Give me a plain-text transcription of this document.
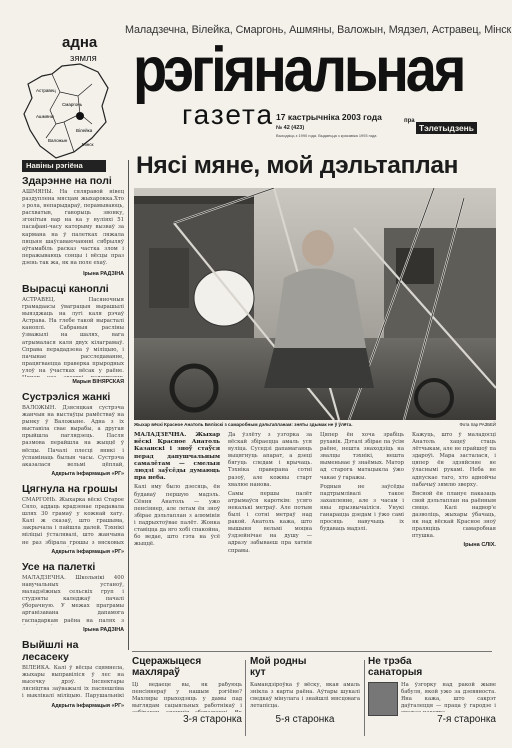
адна
зямля
Астравец
Смаргонь
Ашмяны
Вілейка
Валожын
Мінск
Маладзечна, Вілейка, Смаргонь, Ашмяны, Валожын, Мядзел, Астравец, Мінск
рэгіянальная
газета 17 кастрычніка 2003 года
№ 42 (423)
Выходзіць з 1990 года. Выдаецца з красавіка 1993 года
пра
Тэлетыдзень
Навіны рэгіёна	Нясі мяне, мой дэльтаплан
Здарэнне на полі
АШМЯНЫ. На сяляравой нівец раздуплена мясцам жыхарокка.Хто з рола, непарыдараў, перамываюць, расхватыв, гаворыць звонку, згонітыя вар на ка у вуліяхі 51 пасафані-часу каторыму вызваў за кармана на ў палетках ляжала пяцьня шаўсаваючаюнні сябрыляў аўтамабіль расказ частка злом і перажываюць сонцы і вёсцы праз дзень так жа, як на поле ехаў.
Ірына РАДЗІНА
Вырасці каноплі
АСТРАВЕЦ. Пасяночныя грамадаасы ўваграцыя вырашылі выязджаць на лугі каля рэчаў Астрава. На глебе такой вырасталі каноплі. Сабраныя расліны ўзважылі на шалях, вага атрымалася каля двух кілаграмаў. Справа перададзена ў міліцыю, і пачынае расследаванне, працягваецца праверка прыродных улоў на ўчастках вёсак у раёне.
Марыя ВІНЯРСКАЯ
Сустрэліся жанкі
ВАЛОЖЫН. Дзясяцкая сустрэча жанчын на выстаўцы рамёстваў на рынку ў Валожыне. Адна з іх выставіла свае вырабы, а другая прыйшла паглядзець. Пасля размова перайшла на жыццё ў вёсцы. Пачалі плесці вянкі і ўспамінаць былыя часы. Сустрэча аказалася вельмі цёплай,
Адкрыта інфармацыя «РГ»
Цягнула на грошы
СМАРГОНЬ. Жыхарка вёскі Старое Сяло, аддаць крадзенае прадавала шлях 30 грамаў у кожнай хату. Калі ж сказаў, што грашыма, закрычала і пайшла далей. Тэхнікі міліцыі ўсталявалі, што жанчына не раз збірала грошы з вясковых
Адкрыта інфармацыя «РГ»
Усе на палеткі
МАЛАДЗЕЧНА. Школьнікі 400 навучальных устаноў, маладзёжных сельскіх груп і студэнты каледжаў пачалі ўборачную. У межах праграмы арганізавана дапамога гаспадаркам раёна на палях з
Ірына РАДЗІНА
Выйшлі на лесасеку
ВІЛЕЙКА. Калі ў вёсцы сцямнела, жыхары выправіліся ў лес на высечку дрэў. Інспектары лясніцтва заўважылі іх паспешліва і выклікалі міліцыю. Парушальнікі
Адкрыта інфармацыя «РГ»
Жыхар вёскі Красное Анатоль Бялізскі з самаробным дэльтапланам: зняты здымак не ў ўлёта.	Фота Ігар РАЗБЕЙ
МАЛАДЗЕЧНА. Жыхар вёскі Красное Анатоль Казанскі і зноў стаўся перад дапушчальным самалётам — смелыя людзі заўсёды думаюць пра неба.
Калі яму было дзесяць, ён будаваў першую мадэль. Сёння Анатоль — ужо пенсіянер, але летам ён зноў збірае дэльтаплан з алюмінія і падрыхтоўвае палёт. Жонка ставіцца да яго хобі спакойна, бо ведае, што гэта на ўсё жыццё.
Да ўзлёту з узгорка за вёскай збіраецца амаль уся вуліца. Суседзі дапамагаюць выцягнуць апарат, а дзеці бягуць следам і крычаць. Тэхніка праверана сотні разоў, але кожны старт хвалюе нанова.
Самы першы палёт атрымаўся кароткім: усяго некалькі метраў. Але потым былі і сотні метраў над ракой. Анатоль кажа, што вышыня вельмі моцна ўздзейнічае на душу — адразу забываеш пра хатнія справы.
Цяпер ён хоча зрабіць рухавік. Дэталі збірае па ўсім раёне, нешта знаходзіць на звалцы тэхнікі, нешта выменьвае ў знаёмых. Матор ад старога матацыкла ўжо чакае ў гаражы.
Родныя не заўсёды падтрымлівалі такое захапленне, але з часам і яны прызвычаіліся. Унукі ганарацца дзедам і ўжо самі просяць навучыць іх будаваць мадэлі.
Кажуць, што ў маладосці Анатоль хацеў стаць лётчыкам, але не прайшоў па здароўі. Мара засталася, і цяпер ён здзяйсняе яе ўласнымі рукамі. Неба не адпускае таго, хто аднойчы пабачыў зямлю зверху.
Вясной ён плануе паказаць свой дэльтаплан на раённым свяце. Калі надвор'е дазволіць, жыхары ўбачаць, як над вёскай Красное зноў праляціць самаробная птушка.
Ірына СЛІХ.
Сцеражыцеся махляраў
Ці ведаеце вы, як рабуюць пенсіянераў у нашым рэгіёне? Махляры прыходзяць у дамы пад выглядам сацыяльных работнікаў і
3-я старонка
Мой родны кут
Камандзіроўка ў вёску, якая амаль знікла з карты раёна. Аўтары шукалі сведкаў мінулага і знайшлі мясцовага летапісца.
5-я старонка
Не трэба санаторыя
На ўзгорку над ракой жыве бабуля, якой ужо за дзевяноста. Яна кажа, што сакрэт даўгалецця — праца ў гародзе і
7-я старонка
